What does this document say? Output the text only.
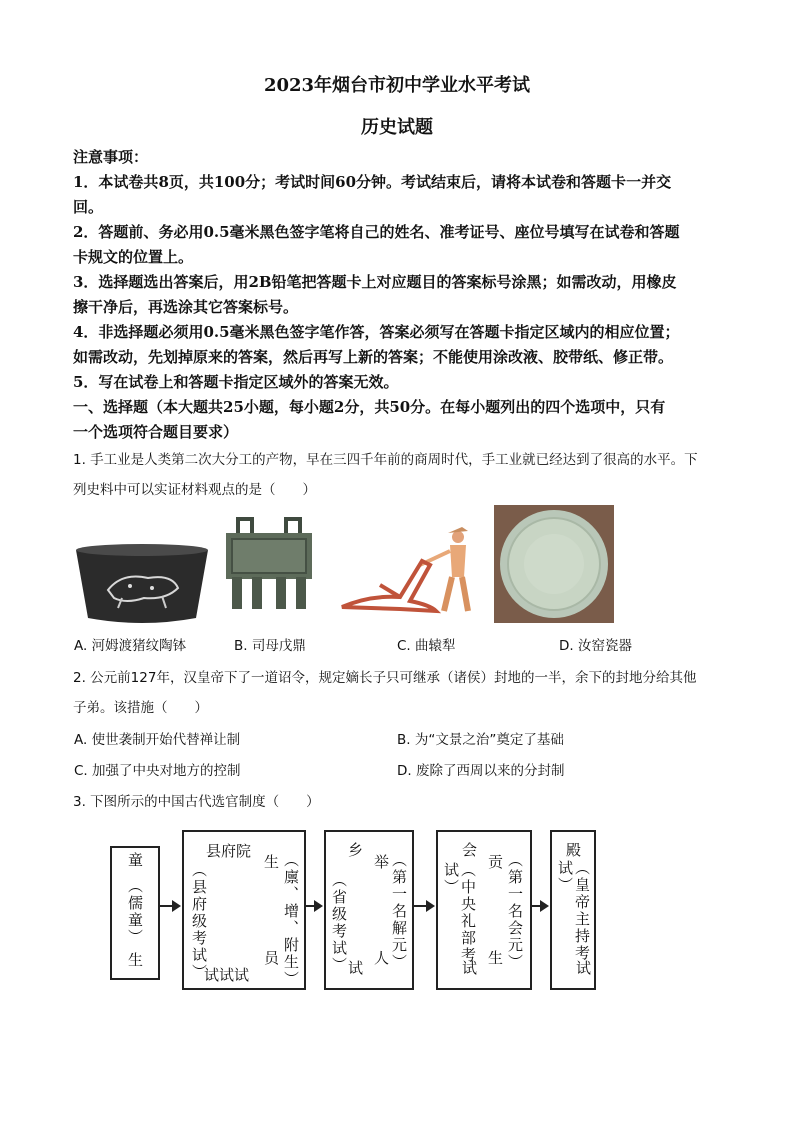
2023年烟台市初中学业水平考试
历史试题
注意事项：
1．本试卷共8页，共100分；考试时间60分钟。考试结束后，请将本试卷和答题卡一并交
回。
2．答题前、务必用0.5毫米黑色签字笔将自己的姓名、准考证号、座位号填写在试卷和答题
卡规文的位置上。
3．选择题选出答案后，用2B铅笔把答题卡上对应题目的答案标号涂黑；如需改动，用橡皮
擦干净后，再选涂其它答案标号。
4．非选择题必须用0.5毫米黑色签字笔作答，答案必须写在答题卡指定区域内的相应位置；
如需改动，先划掉原来的答案，然后再写上新的答案；不能使用涂改液、胶带纸、修正带。
5．写在试卷上和答题卡指定区域外的答案无效。
一、选择题（本大题共25小题，每小题2分，共50分。在每小题列出的四个选项中，只有
一个选项符合题目要求）
1. 手工业是人类第二次大分工的产物，早在三四千年前的商周时代，手工业就已经达到了很高的水平。下
列史料中可以实证材料观点的是（　　）
A. 河姆渡猪纹陶钵	B. 司母戊鼎	C. 曲辕犁	D. 汝窑瓷器
2. 公元前127年，汉皇帝下了一道诏令，规定嫡长子只可继承（诸侯）封地的一半，余下的封地分给其他
子弟。该措施（　　）
A. 使世袭制开始代替禅让制	B. 为“文景之治”奠定了基础
C. 加强了中央对地方的控制	D. 废除了西周以来的分封制
3. 下图所示的中国古代选官制度（　　）
童
（儒童）
生
县府院
（县府级考试）
试试试
生 （廪、增、附生）
员
乡
（省级考试）
试
举 （第一名解元）
人
会
（中央礼部考试）
试
贡 （第一名会元）
生
殿
（皇帝主持考试）
试
